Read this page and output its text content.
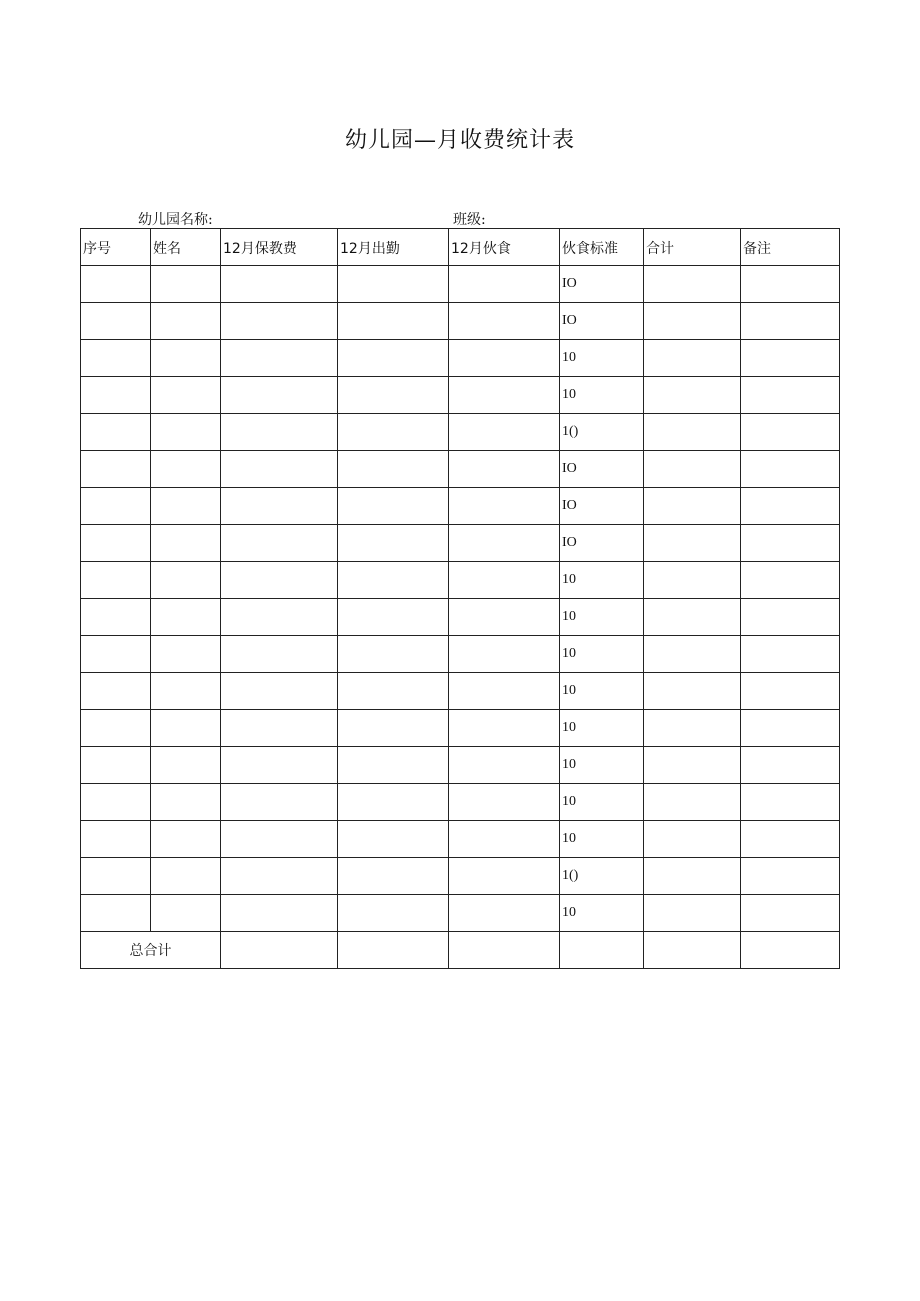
幼儿园—月收费统计表
幼儿园名称:	班级:
序号	姓名	12月保教费	12月出勤	12月伙食	伙食标准	合计	备注
					IO		
					IO		
					10		
					10		
					1()		
					IO		
					IO		
					IO		
					10		
					10		
					10		
					10		
					10		
					10		
					10		
					10		
					1()		
					10		
总合计							
